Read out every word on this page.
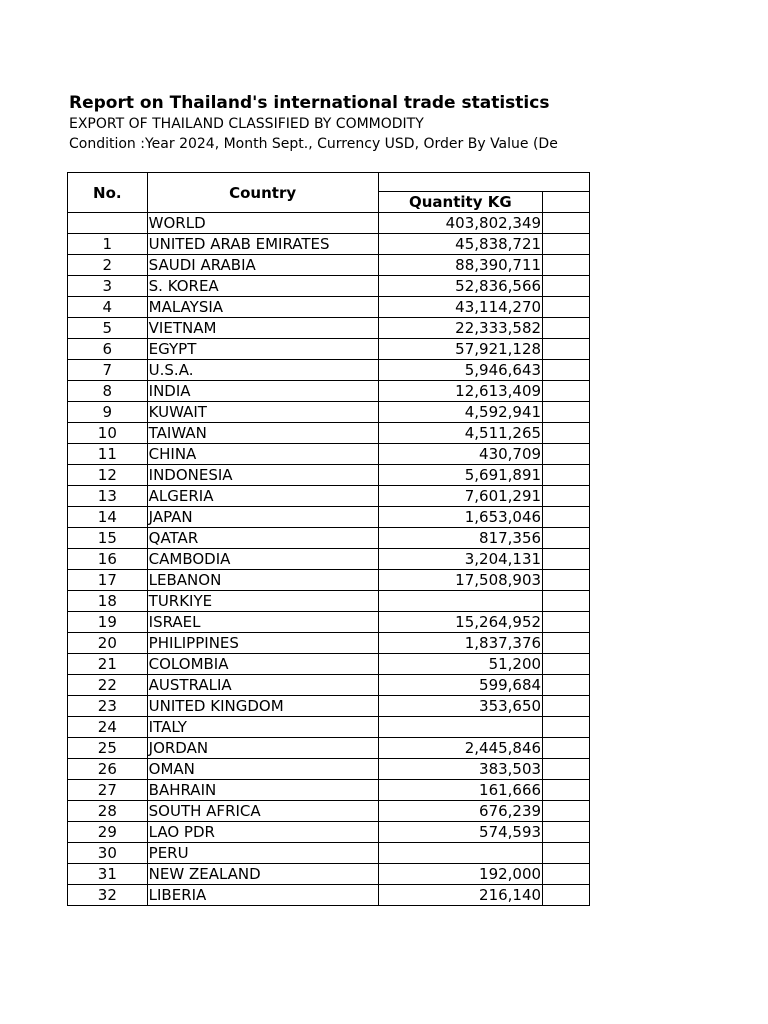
Report on Thailand's international trade statistics
EXPORT OF THAILAND CLASSIFIED BY COMMODITY
Condition :Year 2024, Month Sept., Currency USD, Order By Value (De
No.	Country		
		Quantity KG	
	WORLD	403,802,349	
1	UNITED ARAB EMIRATES	45,838,721	
2	SAUDI ARABIA	88,390,711	
3	S. KOREA	52,836,566	
4	MALAYSIA	43,114,270	
5	VIETNAM	22,333,582	
6	EGYPT	57,921,128	
7	U.S.A.	5,946,643	
8	INDIA	12,613,409	
9	KUWAIT	4,592,941	
10	TAIWAN	4,511,265	
11	CHINA	430,709	
12	INDONESIA	5,691,891	
13	ALGERIA	7,601,291	
14	JAPAN	1,653,046	
15	QATAR	817,356	
16	CAMBODIA	3,204,131	
17	LEBANON	17,508,903	
18	TURKIYE		
19	ISRAEL	15,264,952	
20	PHILIPPINES	1,837,376	
21	COLOMBIA	51,200	
22	AUSTRALIA	599,684	
23	UNITED KINGDOM	353,650	
24	ITALY		
25	JORDAN	2,445,846	
26	OMAN	383,503	
27	BAHRAIN	161,666	
28	SOUTH AFRICA	676,239	
29	LAO PDR	574,593	
30	PERU		
31	NEW ZEALAND	192,000	
32	LIBERIA	216,140	
